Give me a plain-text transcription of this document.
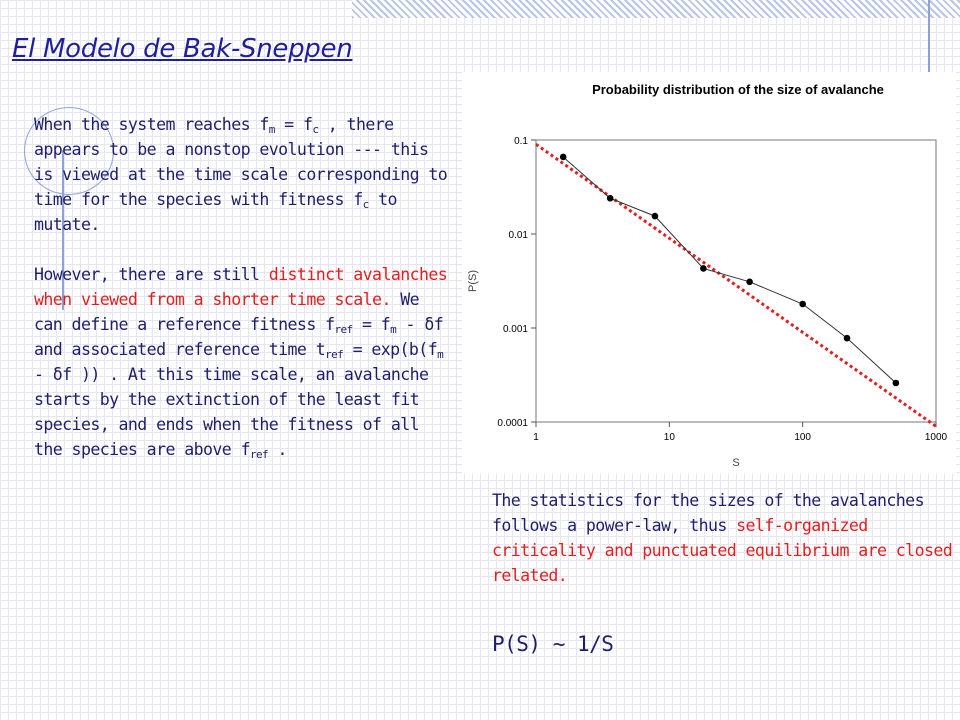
El Modelo de Bak-Sneppen

When the system reaches $f_m = f_c$ , there appears to be a nonstop evolution --- this is viewed at the time scale corresponding to time for the species with fitness $f_c$ to mutate.

However, there are still distinct avalanches when viewed from a shorter time scale. We can define a reference fitness $f_{ref} = f_m - \delta f$ and associated reference time $t_{ref} = \exp(b(f_m - \delta f$ )) . At this time scale, an avalanche starts by the extinction of the least fit species, and ends when the fitness of all the species are above $f_{ref}$ .

Probability distribution of the size of avalanche
1	10	100	1000
0.1
0.01
0.001
0.0001
S
P(S)

The statistics for the sizes of the avalanches follows a power-law, thus self-organized criticality and punctuated equilibrium are closed related.

P(S) ~ 1/S
